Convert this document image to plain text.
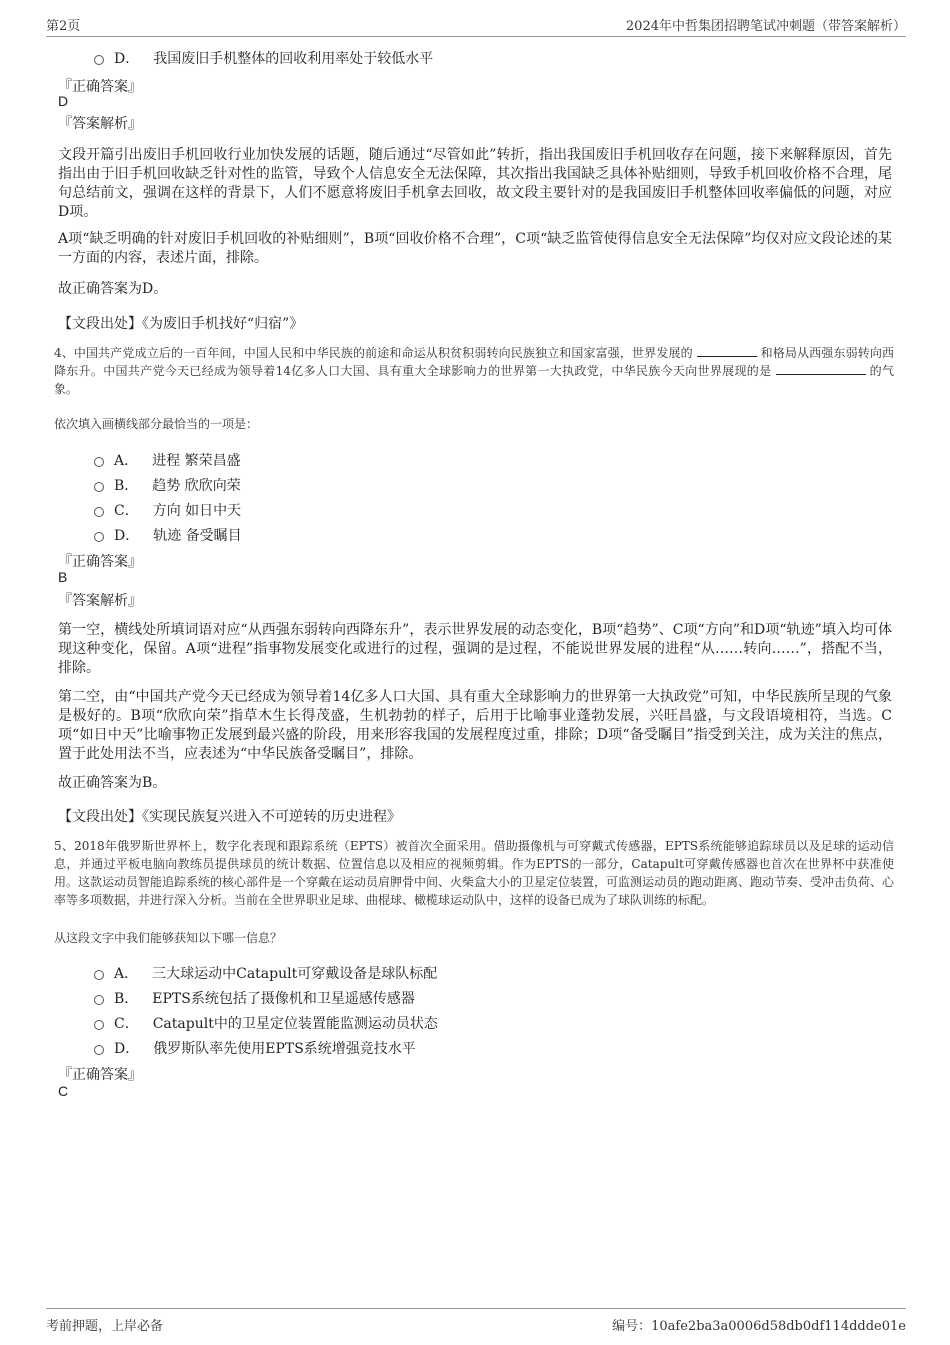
第2页	2024年中哲集团招聘笔试冲刺题（带答案解析）
D． 我国废旧手机整体的回收利用率处于较低水平
『正确答案』
D
『答案解析』
文段开篇引出废旧手机回收行业加快发展的话题，随后通过“尽管如此”转折，指出我国废旧手机回收存在问题，接下来解释原因，首先指出由于旧手机回收缺乏针对性的监管，导致个人信息安全无法保障，其次指出我国缺乏具体补贴细则，导致手机回收价格不合理，尾句总结前文，强调在这样的背景下，人们不愿意将废旧手机拿去回收，故文段主要针对的是我国废旧手机整体回收率偏低的问题，对应D项。
A项“缺乏明确的针对废旧手机回收的补贴细则”，B项“回收价格不合理”，C项“缺乏监管使得信息安全无法保障”均仅对应文段论述的某一方面的内容，表述片面，排除。
故正确答案为D。
【文段出处】《为废旧手机找好“归宿”》
4、中国共产党成立后的一百年间，中国人民和中华民族的前途和命运从积贫积弱转向民族独立和国家富强，世界发展的	和格局从西强东弱转向西降东升。中国共产党今天已经成为领导着14亿多人口大国、具有重大全球影响力的世界第一大执政党，中华民族今天向世界展现的是	的气象。
依次填入画横线部分最恰当的一项是：
A． 进程 繁荣昌盛
B． 趋势 欣欣向荣
C． 方向 如日中天
D． 轨迹 备受瞩目
『正确答案』
B
『答案解析』
第一空，横线处所填词语对应“从西强东弱转向西降东升”，表示世界发展的动态变化，B项“趋势”、C项“方向”和D项“轨迹”填入均可体现这种变化，保留。A项“进程”指事物发展变化或进行的过程，强调的是过程，不能说世界发展的进程“从……转向……”，搭配不当，排除。
第二空，由“中国共产党今天已经成为领导着14亿多人口大国、具有重大全球影响力的世界第一大执政党”可知，中华民族所呈现的气象是极好的。B项“欣欣向荣”指草木生长得茂盛，生机勃勃的样子，后用于比喻事业蓬勃发展，兴旺昌盛，与文段语境相符，当选。C项“如日中天”比喻事物正发展到最兴盛的阶段，用来形容我国的发展程度过重，排除；D项“备受瞩目”指受到关注，成为关注的焦点，置于此处用法不当，应表述为“中华民族备受瞩目”，排除。
故正确答案为B。
【文段出处】《实现民族复兴进入不可逆转的历史进程》
5、2018年俄罗斯世界杯上，数字化表现和跟踪系统（EPTS）被首次全面采用。借助摄像机与可穿戴式传感器，EPTS系统能够追踪球员以及足球的运动信息，并通过平板电脑向教练员提供球员的统计数据、位置信息以及相应的视频剪辑。作为EPTS的一部分，Catapult可穿戴传感器也首次在世界杯中获准使用。这款运动员智能追踪系统的核心部件是一个穿戴在运动员肩胛骨中间、火柴盒大小的卫星定位装置，可监测运动员的跑动距离、跑动节奏、受冲击负荷、心率等多项数据，并进行深入分析。当前在全世界职业足球、曲棍球、橄榄球运动队中，这样的设备已成为了球队训练的标配。
从这段文字中我们能够获知以下哪一信息？
A． 三大球运动中Catapult可穿戴设备是球队标配
B． EPTS系统包括了摄像机和卫星遥感传感器
C． Catapult中的卫星定位装置能监测运动员状态
D． 俄罗斯队率先使用EPTS系统增强竞技水平
『正确答案』
C
考前押题，上岸必备	编号：10afe2ba3a0006d58db0df114ddde01e
